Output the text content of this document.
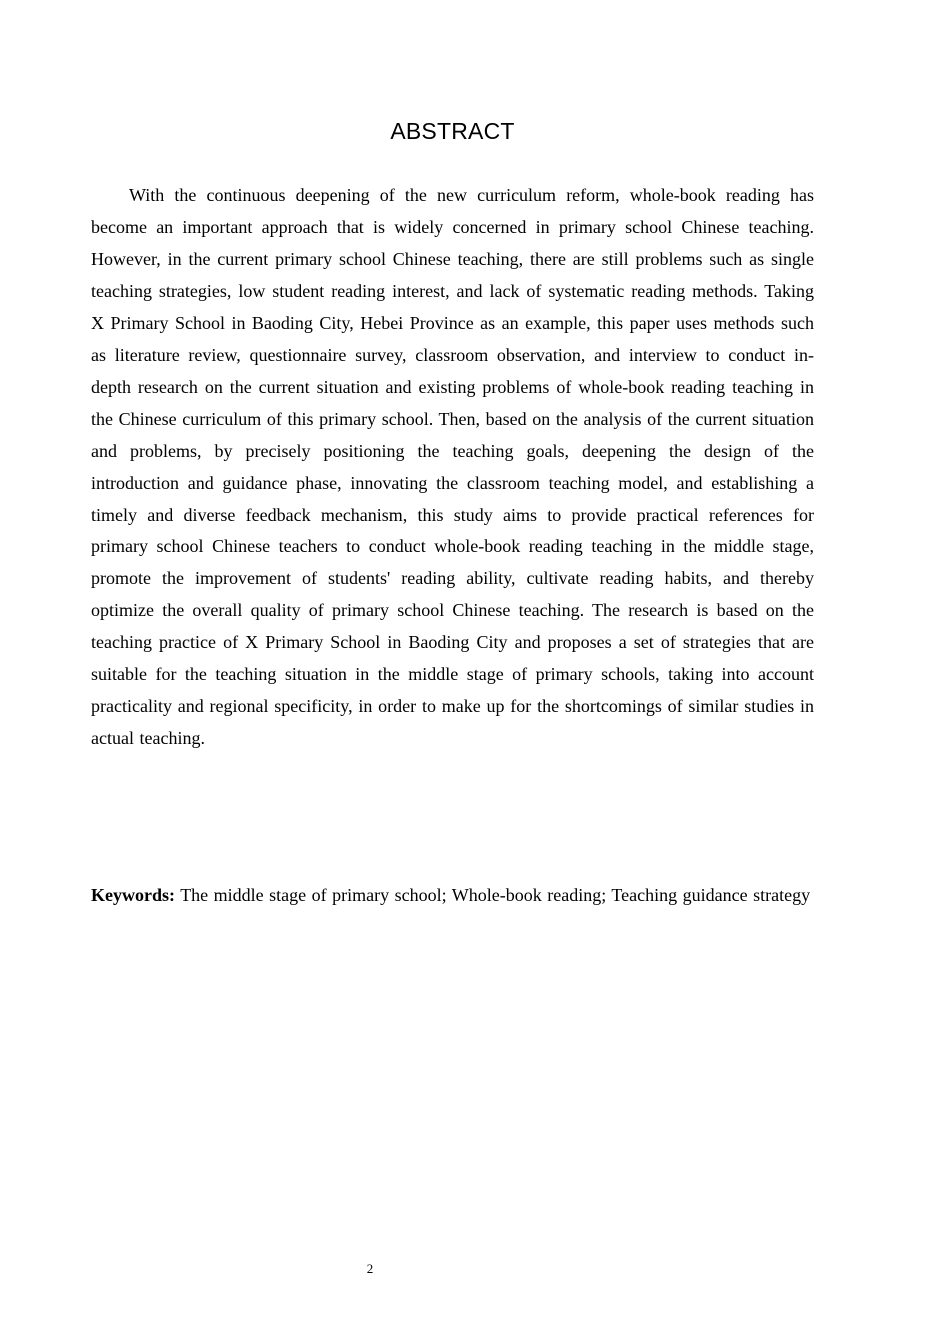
ABSTRACT

With the continuous deepening of the new curriculum reform, whole-book reading has become an important approach that is widely concerned in primary school Chinese teaching. However, in the current primary school Chinese teaching, there are still problems such as single teaching strategies, low student reading interest, and lack of systematic reading methods. Taking X Primary School in Baoding City, Hebei Province as an example, this paper uses methods such as literature review, questionnaire survey, classroom observation, and interview to conduct in-depth research on the current situation and existing problems of whole-book reading teaching in the Chinese curriculum of this primary school. Then, based on the analysis of the current situation and problems, by precisely positioning the teaching goals, deepening the design of the introduction and guidance phase, innovating the classroom teaching model, and establishing a timely and diverse feedback mechanism, this study aims to provide practical references for primary school Chinese teachers to conduct whole-book reading teaching in the middle stage, promote the improvement of students' reading ability, cultivate reading habits, and thereby optimize the overall quality of primary school Chinese teaching. The research is based on the teaching practice of X Primary School in Baoding City and proposes a set of strategies that are suitable for the teaching situation in the middle stage of primary schools, taking into account practicality and regional specificity, in order to make up for the shortcomings of similar studies in actual teaching.

Keywords: The middle stage of primary school; Whole-book reading; Teaching guidance strategy

2
